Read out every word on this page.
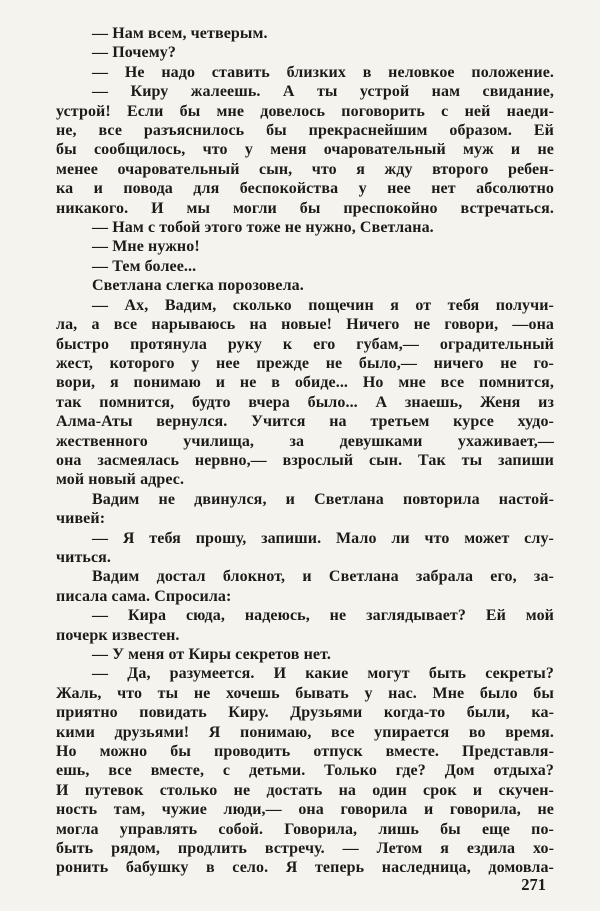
— Нам всем, четверым.
— Почему?
— Не надо ставить близких в неловкое положение.
— Киру жалеешь. А ты устрой нам свидание,
устрой! Если бы мне довелось поговорить с ней наеди-
не, все разъяснилось бы прекраснейшим образом. Ей
бы сообщилось, что у меня очаровательный муж и не
менее очаровательный сын, что я жду второго ребен-
ка и повода для беспокойства у нее нет абсолютно
никакого. И мы могли бы преспокойно встречаться.
— Нам с тобой этого тоже не нужно, Светлана.
— Мне нужно!
— Тем более...
Светлана слегка порозовела.
— Ах, Вадим, сколько пощечин я от тебя получи-
ла, а все нарываюсь на новые! Ничего не говори, —она
быстро протянула руку к его губам,— оградительный
жест, которого у нее прежде не было,— ничего не го-
вори, я понимаю и не в обиде... Но мне все помнится,
так помнится, будто вчера было... А знаешь, Женя из
Алма-Аты вернулся. Учится на третьем курсе худо-
жественного училища, за девушками ухаживает,—
она засмеялась нервно,— взрослый сын. Так ты запиши
мой новый адрес.
Вадим не двинулся, и Светлана повторила настой-
чивей:
— Я тебя прошу, запиши. Мало ли что может слу-
читься.
Вадим достал блокнот, и Светлана забрала его, за-
писала сама. Спросила:
— Кира сюда, надеюсь, не заглядывает? Ей мой
почерк известен.
— У меня от Киры секретов нет.
— Да, разумеется. И какие могут быть секреты?
Жаль, что ты не хочешь бывать у нас. Мне было бы
приятно повидать Киру. Друзьями когда-то были, ка-
кими друзьями! Я понимаю, все упирается во время.
Но можно бы проводить отпуск вместе. Представля-
ешь, все вместе, с детьми. Только где? Дом отдыха?
И путевок столько не достать на один срок и скучен-
ность там, чужие люди,— она говорила и говорила, не
могла управлять собой. Говорила, лишь бы еще по-
быть рядом, продлить встречу. — Летом я ездила хо-
ронить бабушку в село. Я теперь наследница, домовла-
271
